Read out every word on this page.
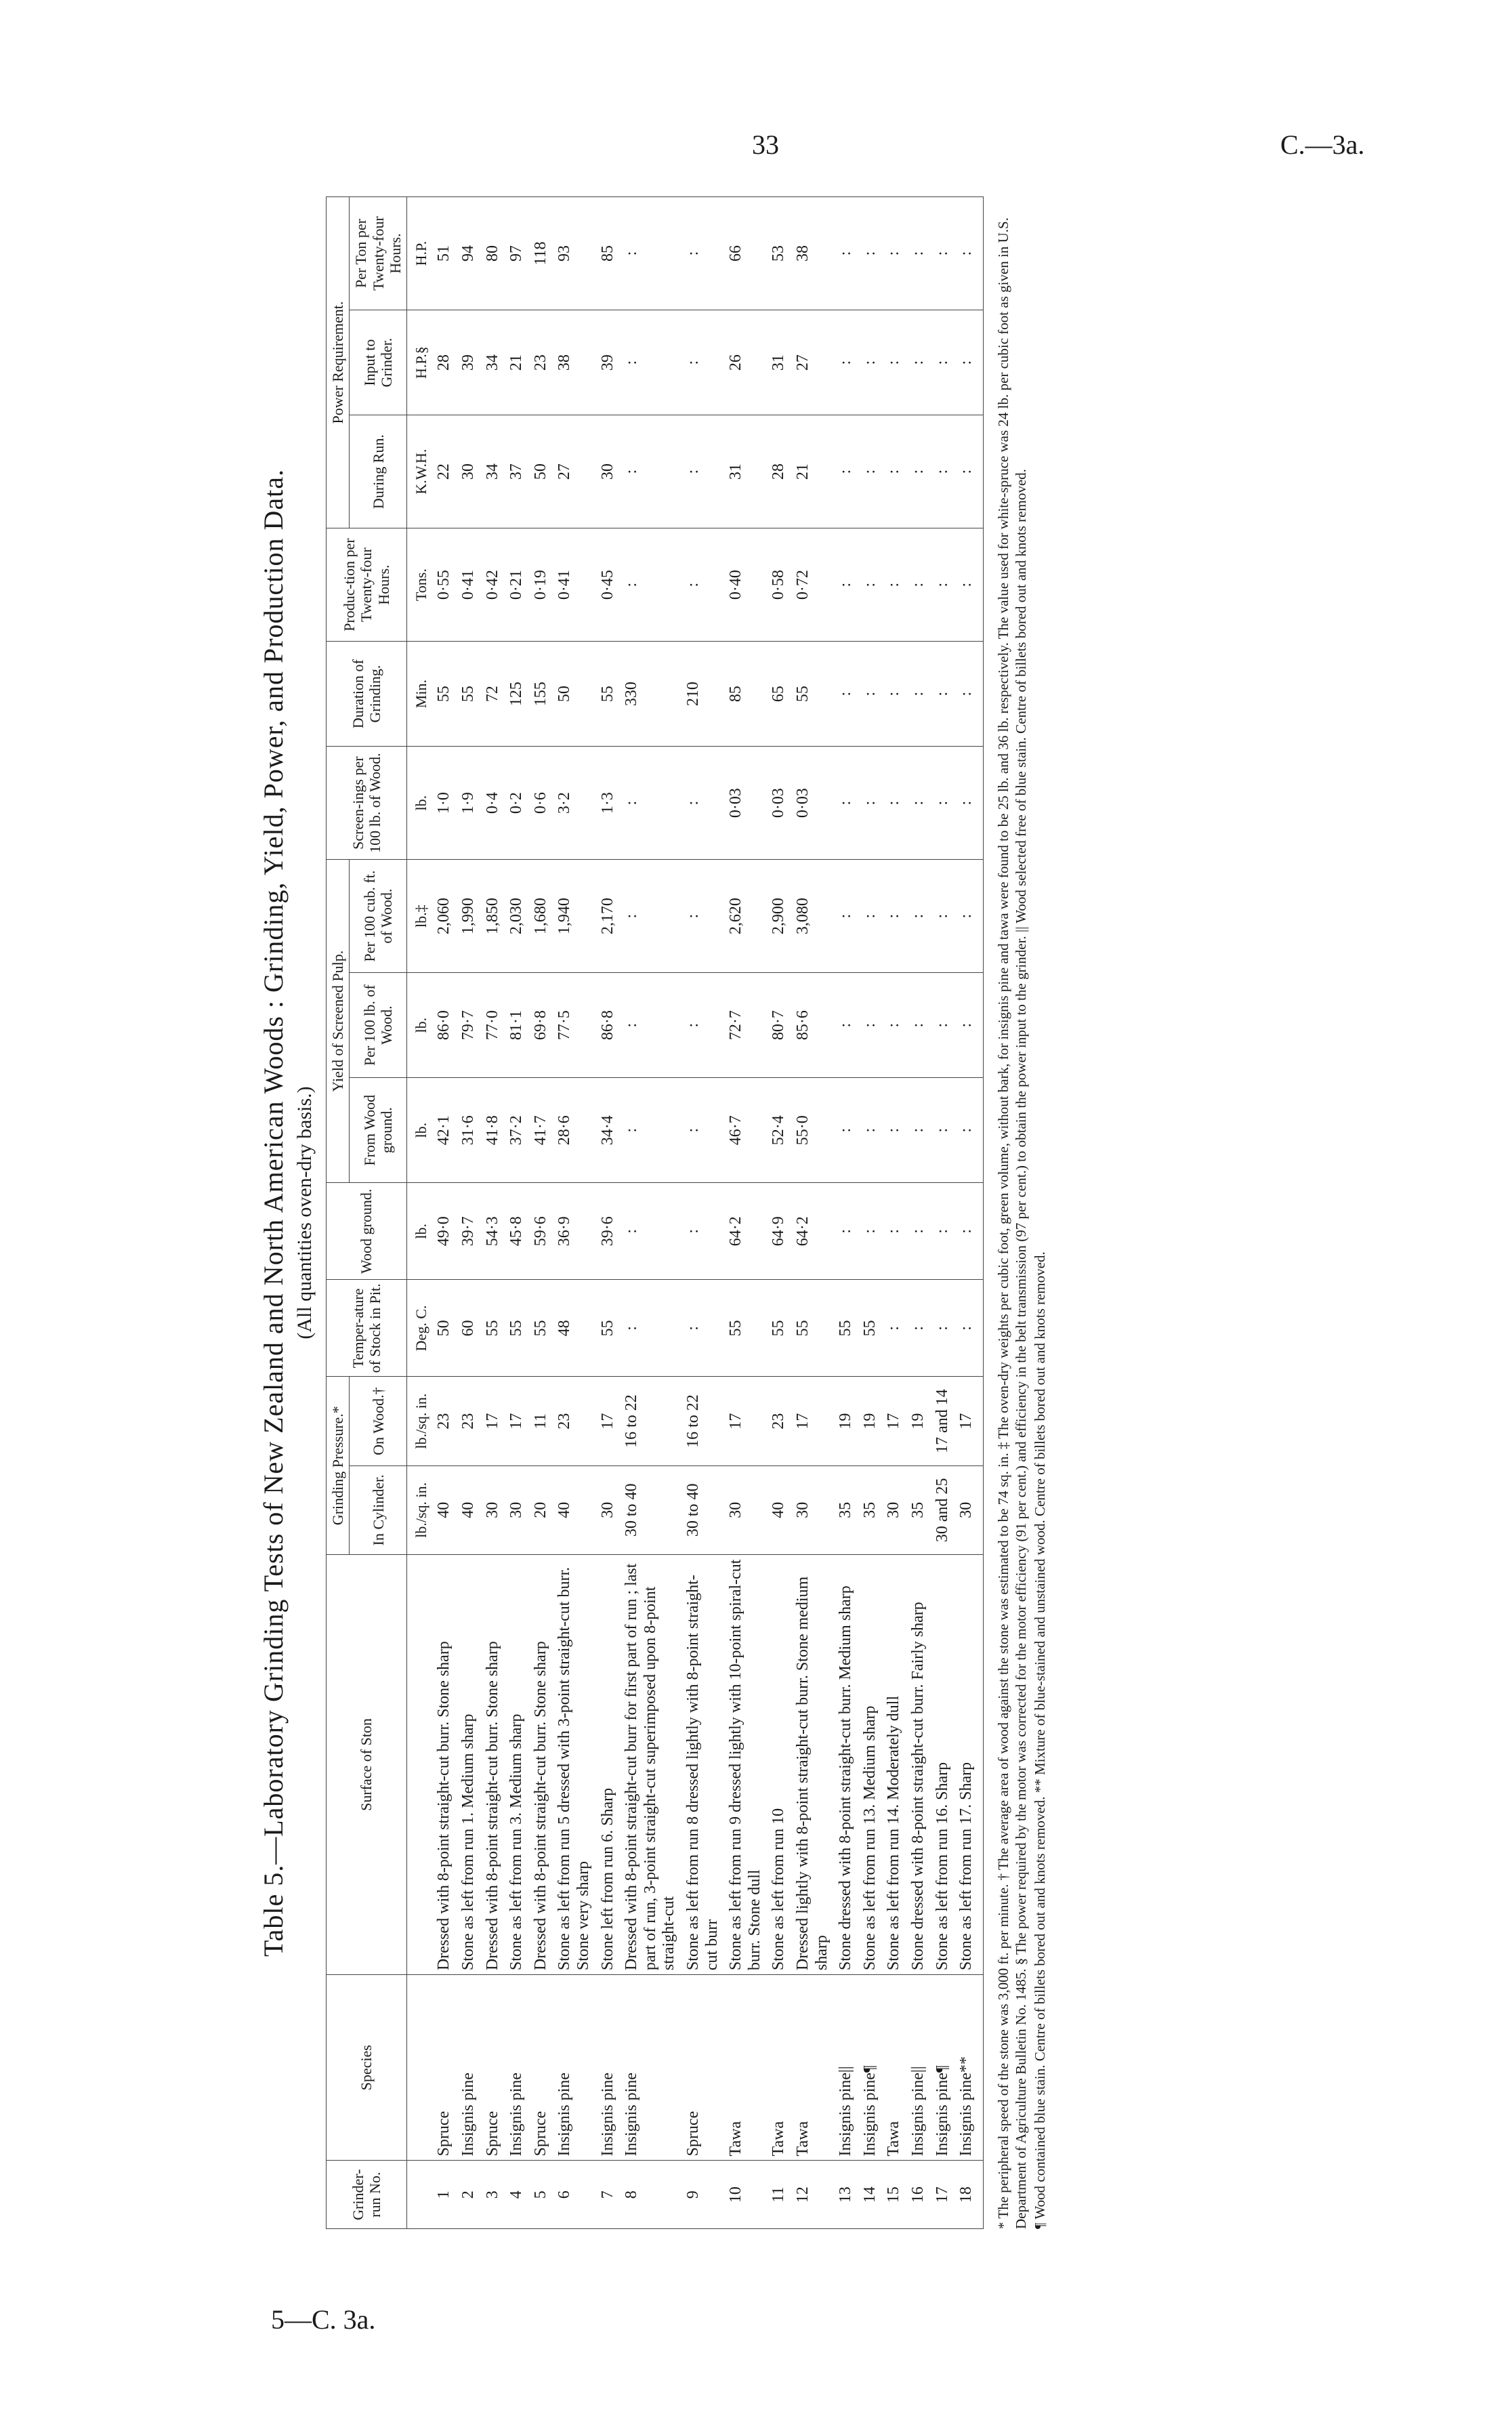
33	C.—3a.
5—C. 3a.
Table 5.—Laboratory Grinding Tests of New Zealand and North American Woods : Grinding, Yield, Power, and Production Data. (All quantities oven-dry basis.)
Grinder-run No.	Species	Surface of Ston	Grinding Pressure.*		Temper-ature of Stock in Pit.	Wood ground.	Yield of Screened Pulp.			Screen-ings per 100 lb. of Wood.	Duration of Grinding.	Produc-tion per Twenty-four Hours.	Power Requirement.		
			In Cylinder.	On Wood.†			From Wood ground.	Per 100 lb. of Wood.	Per 100 cub. ft. of Wood.				During Run.	Input to Grinder.	Per Ton per Twenty-four Hours.
			lb./sq. in.	lb./sq. in.	Deg. C.	lb.	lb.	lb.	lb.‡	lb.	Min.	Tons.	K.W.H.	H.P.§	H.P.
1	Spruce	Dressed with 8-point straight-cut burr. Stone sharp	40	23	50	49·0	42·1	86·0	2,060	1·0	55	0·55	22	28	51
2	Insignis pine	Stone as left from run 1. Medium sharp	40	23	60	39·7	31·6	79·7	1,990	1·9	55	0·41	30	39	94
3	Spruce	Dressed with 8-point straight-cut burr. Stone sharp	30	17	55	54·3	41·8	77·0	1,850	0·4	72	0·42	34	34	80
4	Insignis pine	Stone as left from run 3. Medium sharp	30	17	55	45·8	37·2	81·1	2,030	0·2	125	0·21	37	21	97
5	Spruce	Dressed with 8-point straight-cut burr. Stone sharp	20	11	55	59·6	41·7	69·8	1,680	0·6	155	0·19	50	23	118
6	Insignis pine	Stone as left from run 5 dressed with 3-point straight-cut burr. Stone very sharp	40	23	48	36·9	28·6	77·5	1,940	3·2	50	0·41	27	38	93
7	Insignis pine	Stone left from run 6. Sharp	30	17	55	39·6	34·4	86·8	2,170	1·3	55	0·45	30	39	85
8	Insignis pine	Dressed with 8-point straight-cut burr for first part of run ; last part of run, 3-point straight-cut superimposed upon 8-point straight-cut	30 to 40	16 to 22	:	:	:	:	:	:	330	:	:	:	:
9	Spruce	Stone as left from run 8 dressed lightly with 8-point straight-cut burr	30 to 40	16 to 22	:	:	:	:	:	:	210	:	:	:	:
10	Tawa	Stone as left from run 9 dressed lightly with 10-point spiral-cut burr. Stone dull	30	17	55	64·2	46·7	72·7	2,620	0·03	85	0·40	31	26	66
11	Tawa	Stone as left from run 10	40	23	55	64·9	52·4	80·7	2,900	0·03	65	0·58	28	31	53
12	Tawa	Dressed lightly with 8-point straight-cut burr. Stone medium sharp	30	17	55	64·2	55·0	85·6	3,080	0·03	55	0·72	21	27	38
13	Insignis pine||	Stone dressed with 8-point straight-cut burr. Medium sharp	35	19	55	:	:	:	:	:	:	:	:	:	:
14	Insignis pine¶	Stone as left from run 13. Medium sharp	35	19	55	:	:	:	:	:	:	:	:	:	:
15	Tawa	Stone as left from run 14. Moderately dull	30	17	:	:	:	:	:	:	:	:	:	:	:
16	Insignis pine||	Stone dressed with 8-point straight-cut burr. Fairly sharp	35	19	:	:	:	:	:	:	:	:	:	:	:
17	Insignis pine¶	Stone as left from run 16. Sharp	30 and 25	17 and 14	:	:	:	:	:	:	:	:	:	:	:
18	Insignis pine**	Stone as left from run 17. Sharp	30	17	:	:	:	:	:	:	:	:	:	:	: * The peripheral speed of the stone was 3,000 ft. per minute. † The average area of wood against the stone was estimated to be 74 sq. in. ‡ The oven-dry weights per cubic foot, green volume, without bark, for insignis pine and tawa were found to be 25 lb. and 36 lb. respectively. The value used for white-spruce was 24 lb. per cubic foot as given in U.S. Department of Agriculture Bulletin No. 1485. § The power required by the motor was corrected for the motor efficiency (91 per cent.) and efficiency in the belt transmission (97 per cent.) to obtain the power input to the grinder. || Wood selected free of blue stain. Centre of billets bored out and knots removed. ¶ Wood contained blue stain. Centre of billets bored out and knots removed. ** Mixture of blue-stained and unstained wood. Centre of billets bored out and knots removed.
